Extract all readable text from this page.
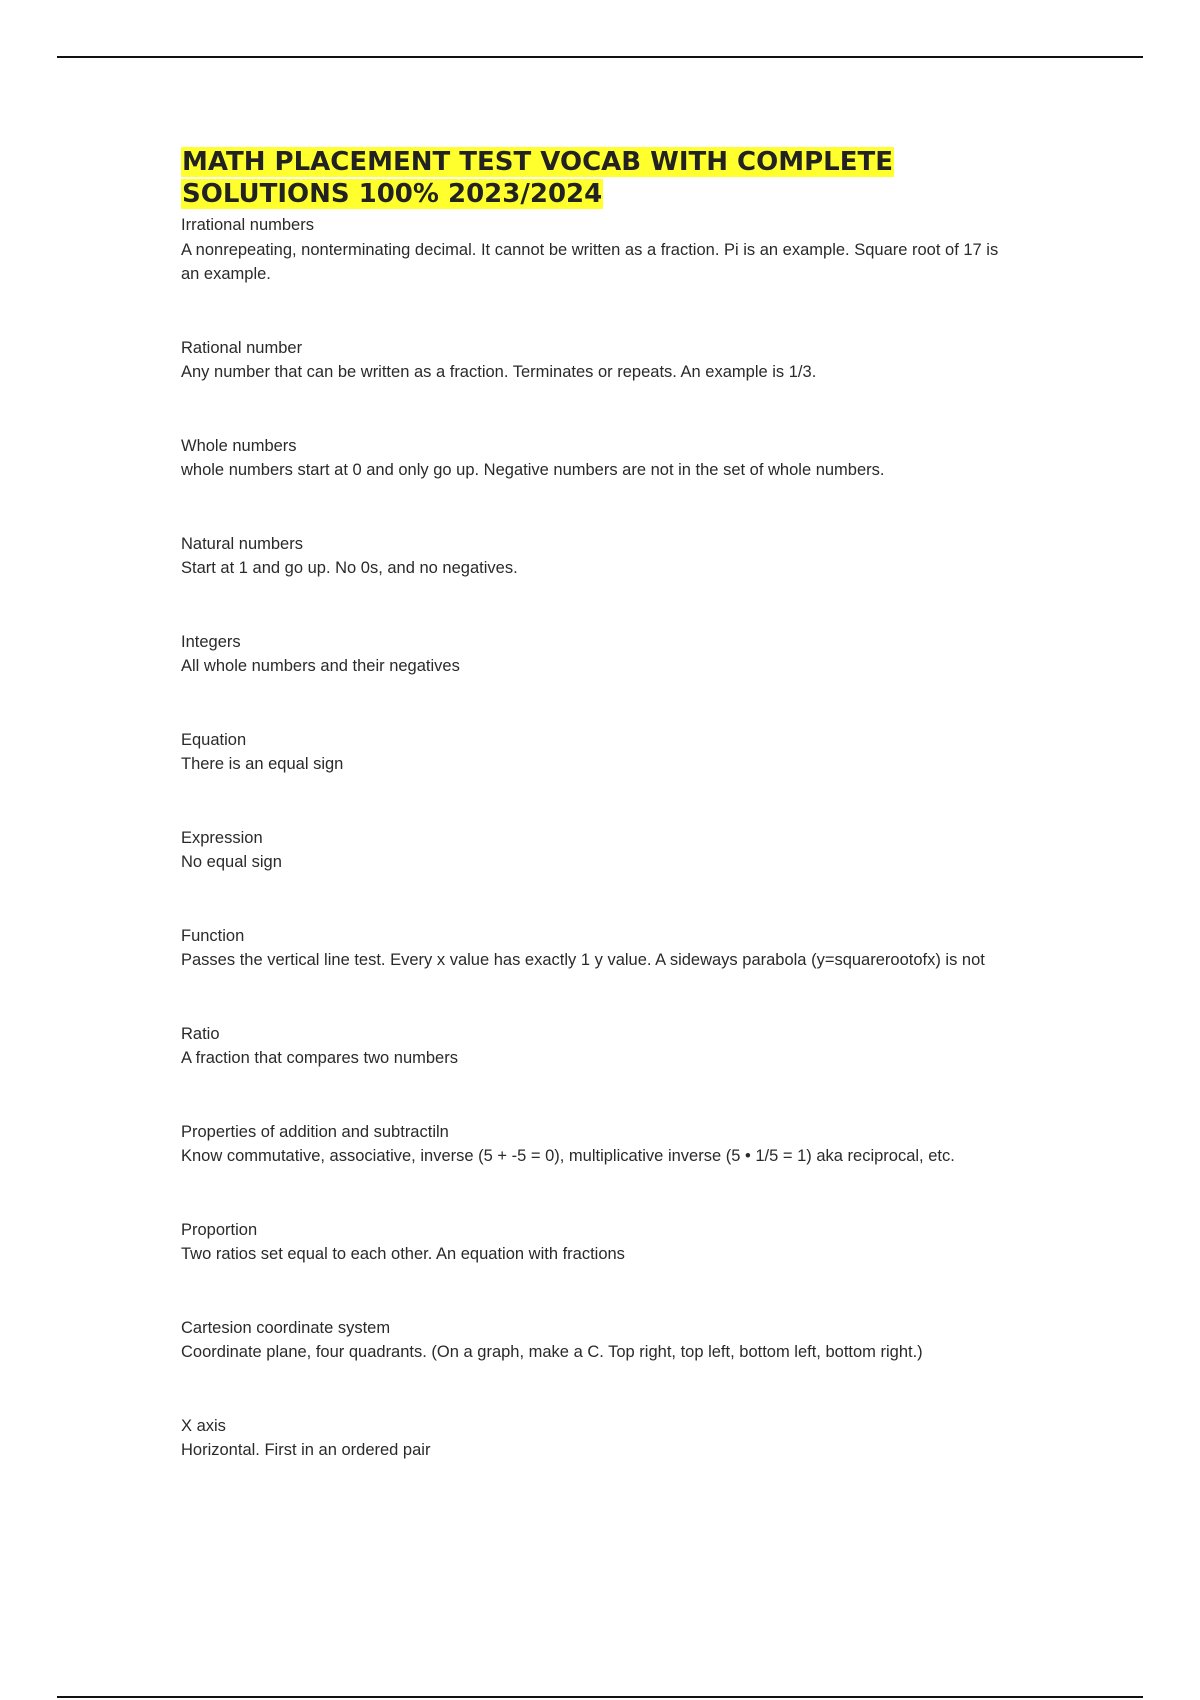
MATH PLACEMENT TEST VOCAB WITH COMPLETE SOLUTIONS 100% 2023/2024
Irrational numbers
A nonrepeating, nonterminating decimal. It cannot be written as a fraction. Pi is an example. Square root of 17 is an example.
Rational number
Any number that can be written as a fraction. Terminates or repeats. An example is 1/3.
Whole numbers
whole numbers start at 0 and only go up. Negative numbers are not in the set of whole numbers.
Natural numbers
Start at 1 and go up. No 0s, and no negatives.
Integers
All whole numbers and their negatives
Equation
There is an equal sign
Expression
No equal sign
Function
Passes the vertical line test. Every x value has exactly 1 y value. A sideways parabola (y=squarerootofx) is not
Ratio
A fraction that compares two numbers
Properties of addition and subtractiln
Know commutative, associative, inverse (5 + -5 = 0), multiplicative inverse (5 • 1/5 = 1) aka reciprocal, etc.
Proportion
Two ratios set equal to each other. An equation with fractions
Cartesion coordinate system
Coordinate plane, four quadrants. (On a graph, make a C. Top right, top left, bottom left, bottom right.)
X axis
Horizontal. First in an ordered pair
